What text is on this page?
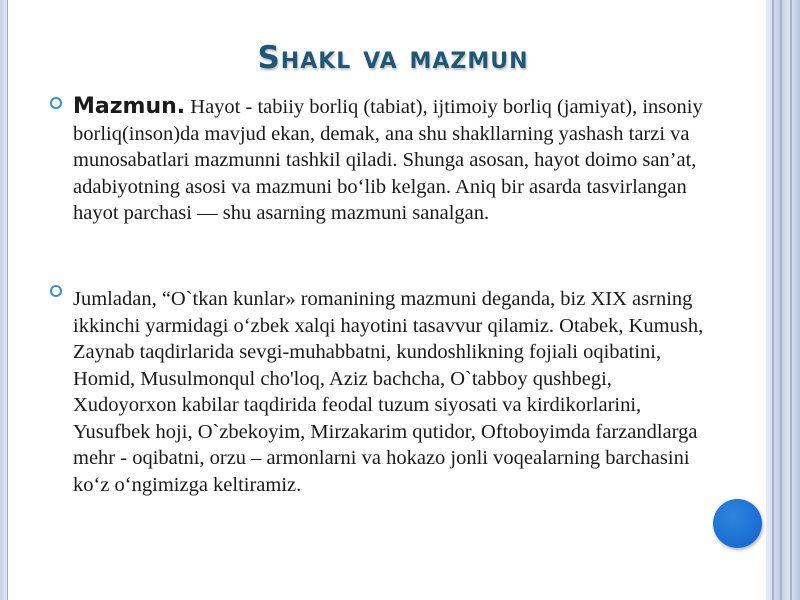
Shakl va mazmun
Mazmun. Hayot - tabiiy borliq (tabiat), ijtimoiy borliq (jamiyat), insoniy borliq(inson)da mavjud ekan, demak, ana shu shakllarning yashash tarzi va munosabatlari mazmunni tashkil qiladi. Shunga asosan, hayot doimo san’at, adabiyotning asosi va mazmuni bo‘lib kelgan. Aniq bir asarda tasvirlangan hayot parchasi — shu asarning mazmuni sanalgan.
Jumladan, “O`tkan kunlar» romanining mazmuni deganda, biz XIX asrning ikkinchi yarmidagi o‘zbek xalqi hayotini tasavvur qilamiz. Otabek, Kumush, Zaynab taqdirlarida sevgi-muhabbatni, kundoshlikning fojiali oqibatini, Homid, Musulmonqul cho'loq, Aziz bachcha, O`tabboy qushbegi, Xudoyorxon kabilar taqdirida feodal tuzum siyosati va kirdikorlarini, Yusufbek hoji, O`zbekoyim, Mirzakarim qutidor, Oftoboyimda farzandlarga mehr - oqibatni, orzu – armonlarni va hokazo jonli voqealarning barchasini ko‘z o‘ngimizga keltiramiz.
